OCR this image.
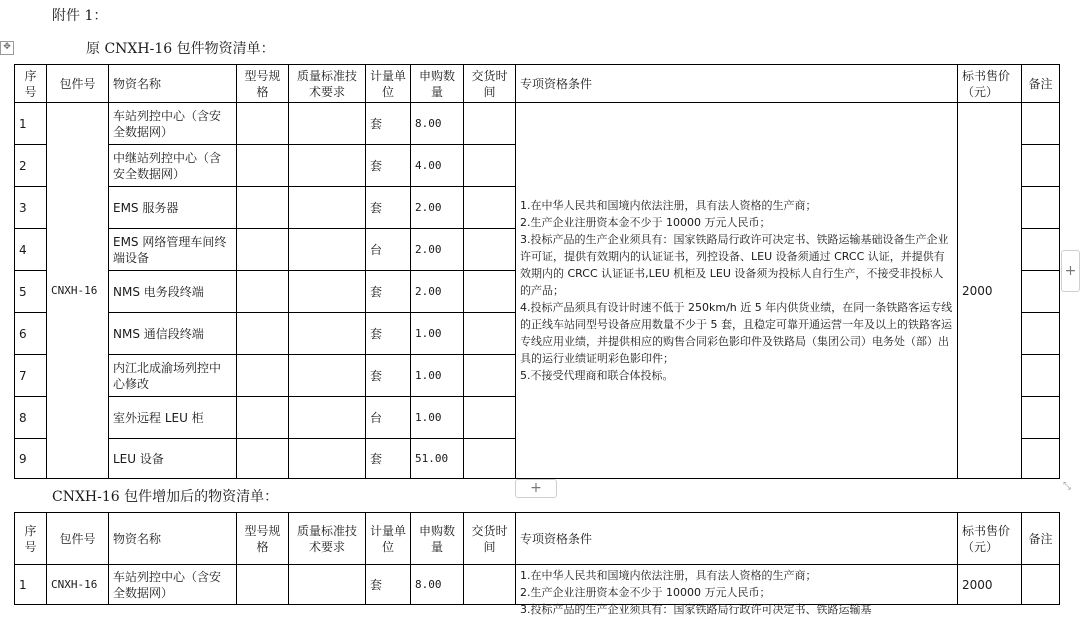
附件 1：
✥	原 CNXH-16 包件物资清单：
序号	包件号	物资名称	型号规格	质量标准技术要求	计量单位	申购数量	交货时间	专项资格条件	标书售价（元）	备注
1	CNXH-16	车站列控中心（含安全数据网）			套	8.00		1.在中华人民共和国境内依法注册，具有法人资格的生产商；
2.生产企业注册资本金不少于 10000 万元人民币；
3.投标产品的生产企业须具有：国家铁路局行政许可决定书、铁路运输基础设备生产企业许可证，提供有效期内的认证证书，列控设备、LEU 设备须通过 CRCC 认证，并提供有效期内的 CRCC 认证证书,LEU 机柜及 LEU 设备须为投标人自行生产，不接受非投标人的产品；
4.投标产品须具有设计时速不低于 250km/h 近 5 年内供货业绩，在同一条铁路客运专线的正线车站同型号设备应用数量不少于 5 套，且稳定可靠开通运营一年及以上的铁路客运专线应用业绩，并提供相应的购售合同彩色影印件及铁路局（集团公司）电务处（部）出具的运行业绩证明彩色影印件；
5.不接受代理商和联合体投标。	2000	
2		中继站列控中心（含安全数据网）			套	4.00				
3		EMS 服务器			套	2.00				
4		EMS 网络管理车间终端设备			台	2.00				
5		NMS 电务段终端			套	2.00				
6		NMS 通信段终端			套	1.00				
7		内江北成渝场列控中心修改			套	1.00				
8		室外远程 LEU 柜			台	1.00				
9		LEU 设备			套	51.00				
+
+	⤡
CNXH-16 包件增加后的物资清单：
序号	包件号	物资名称	型号规格	质量标准技术要求	计量单位	申购数量	交货时间	专项资格条件	标书售价（元）	备注
1	CNXH-16	车站列控中心（含安全数据网）			套	8.00		1.在中华人民共和国境内依法注册，具有法人资格的生产商；
2.生产企业注册资本金不少于 10000 万元人民币；
3.投标产品的生产企业须具有：国家铁路局行政许可决定书、铁路运输基	2000	
